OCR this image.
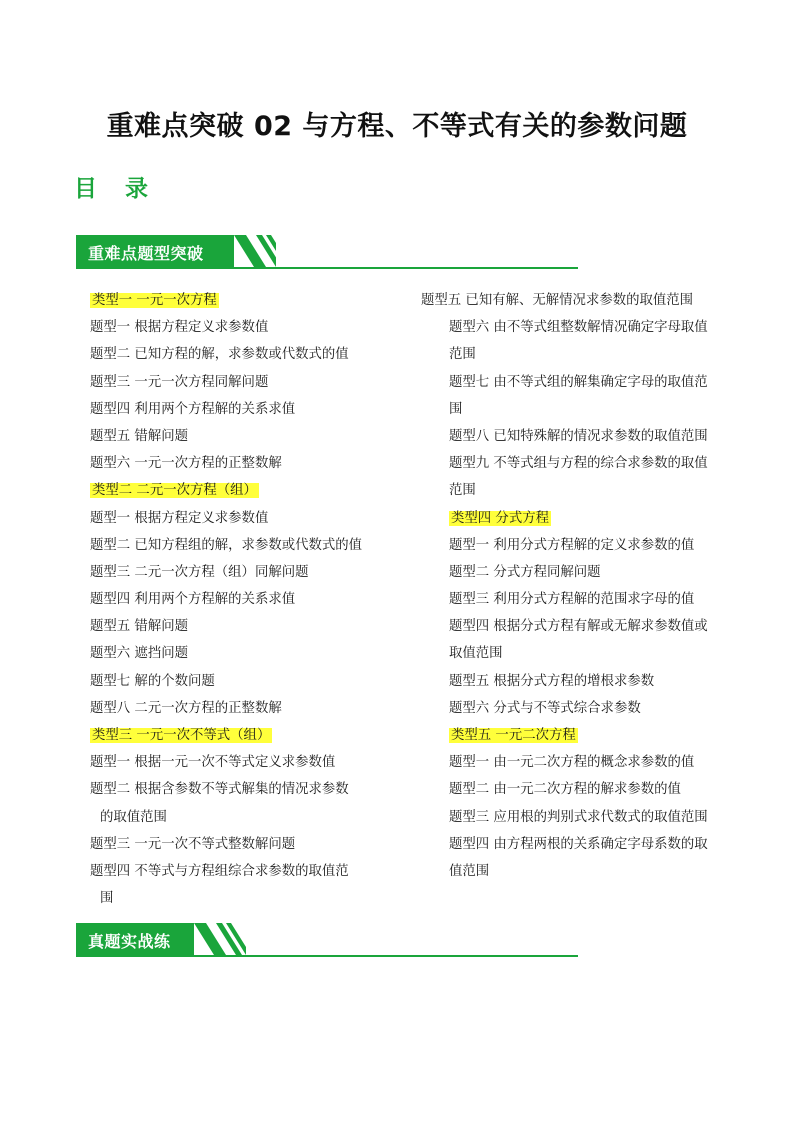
重难点突破 02 与方程、不等式有关的参数问题
目 录
重难点题型突破
类型一 一元一次方程
题型一 根据方程定义求参数值
题型二 已知方程的解，求参数或代数式的值
题型三 一元一次方程同解问题
题型四 利用两个方程解的关系求值
题型五 错解问题
题型六 一元一次方程的正整数解
类型二 二元一次方程（组）
题型一 根据方程定义求参数值
题型二 已知方程组的解，求参数或代数式的值
题型三 二元一次方程（组）同解问题
题型四 利用两个方程解的关系求值
题型五 错解问题
题型六 遮挡问题
题型七 解的个数问题
题型八 二元一次方程的正整数解
类型三 一元一次不等式（组）
题型一 根据一元一次不等式定义求参数值
题型二 根据含参数不等式解集的情况求参数
的取值范围
题型三 一元一次不等式整数解问题
题型四 不等式与方程组综合求参数的取值范
围
题型五 已知有解、无解情况求参数的取值范围
题型六 由不等式组整数解情况确定字母取值
范围
题型七 由不等式组的解集确定字母的取值范
围
题型八 已知特殊解的情况求参数的取值范围
题型九 不等式组与方程的综合求参数的取值
范围
类型四 分式方程
题型一 利用分式方程解的定义求参数的值
题型二 分式方程同解问题
题型三 利用分式方程解的范围求字母的值
题型四 根据分式方程有解或无解求参数值或
取值范围
题型五 根据分式方程的增根求参数
题型六 分式与不等式综合求参数
类型五 一元二次方程
题型一 由一元二次方程的概念求参数的值
题型二 由一元二次方程的解求参数的值
题型三 应用根的判别式求代数式的取值范围
题型四 由方程两根的关系确定字母系数的取
值范围
真题实战练
